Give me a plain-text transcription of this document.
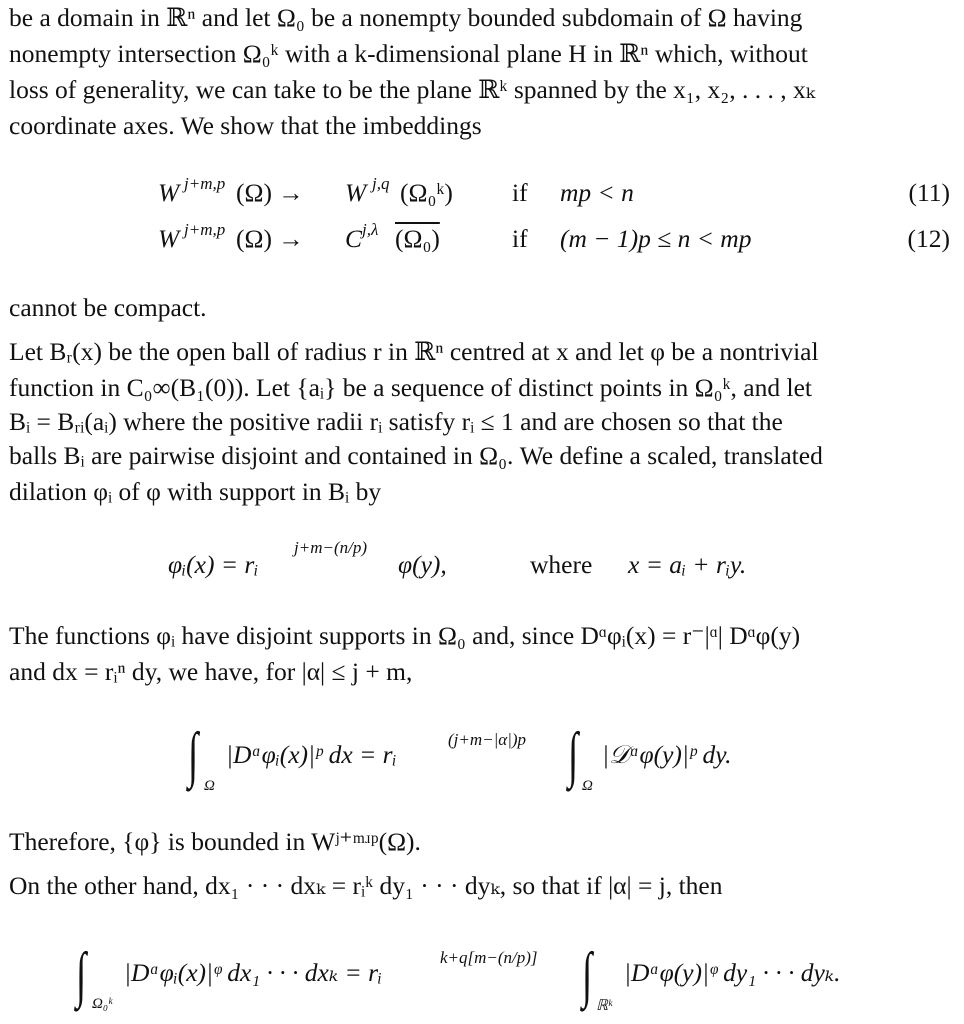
be a domain in ℝⁿ and let Ω₀ be a nonempty bounded subdomain of Ω having
nonempty intersection Ω₀ᵏ with a k-dimensional plane H in ℝⁿ which, without
loss of generality, we can take to be the plane ℝᵏ spanned by the x₁, x₂, . . . , xₖ
coordinate axes. We show that the imbeddings
W j+m,p (Ω) → W j,q (Ω₀ᵏ) if mp < n	(11)
W j+m,p (Ω) → C j,λ (Ω₀)	if (m − 1)p ≤ n < mp	(12)
cannot be compact.
Let Bᵣ(x) be the open ball of radius r in ℝⁿ centred at x and let φ be a nontrivial
function in C₀∞(B₁(0)). Let {aᵢ} be a sequence of distinct points in Ω₀ᵏ, and let
Bᵢ = Bᵣᵢ(aᵢ) where the positive radii rᵢ satisfy rᵢ ≤ 1 and are chosen so that the
balls Bᵢ are pairwise disjoint and contained in Ω₀. We define a scaled, translated
dilation φᵢ of φ with support in Bᵢ by
φᵢ(x) = rᵢ
j+m−(n/p)
φ(y),	where x = aᵢ + rᵢy.
The functions φᵢ have disjoint supports in Ω₀ and, since Dᵅφᵢ(x) = r⁻|ᵅ| Dᵅφ(y)
and dx = rᵢⁿ dy, we have, for |α| ≤ j + m,
∫ Ω
|Dᵅφᵢ(x)|ᵖ dx = rᵢ
(j+m−|α|)p ∫ Ω
|𝒟ᵅφ(y)|ᵖ dy.
Therefore, {φ} is bounded in Wʲ⁺ᵐʴᵖ(Ω).
On the other hand, dx₁ · · · dxₖ = rᵢᵏ dy₁ · · · dyₖ, so that if |α| = j, then
∫ Ω₀ᵏ
|Dᵅφᵢ(x)|ᵠ dx₁ · · · dxₖ = rᵢ
k+q[m−(n/p)] ∫ ℝᵏ
|Dᵅφ(y)|ᵠ dy₁ · · · dyₖ.
